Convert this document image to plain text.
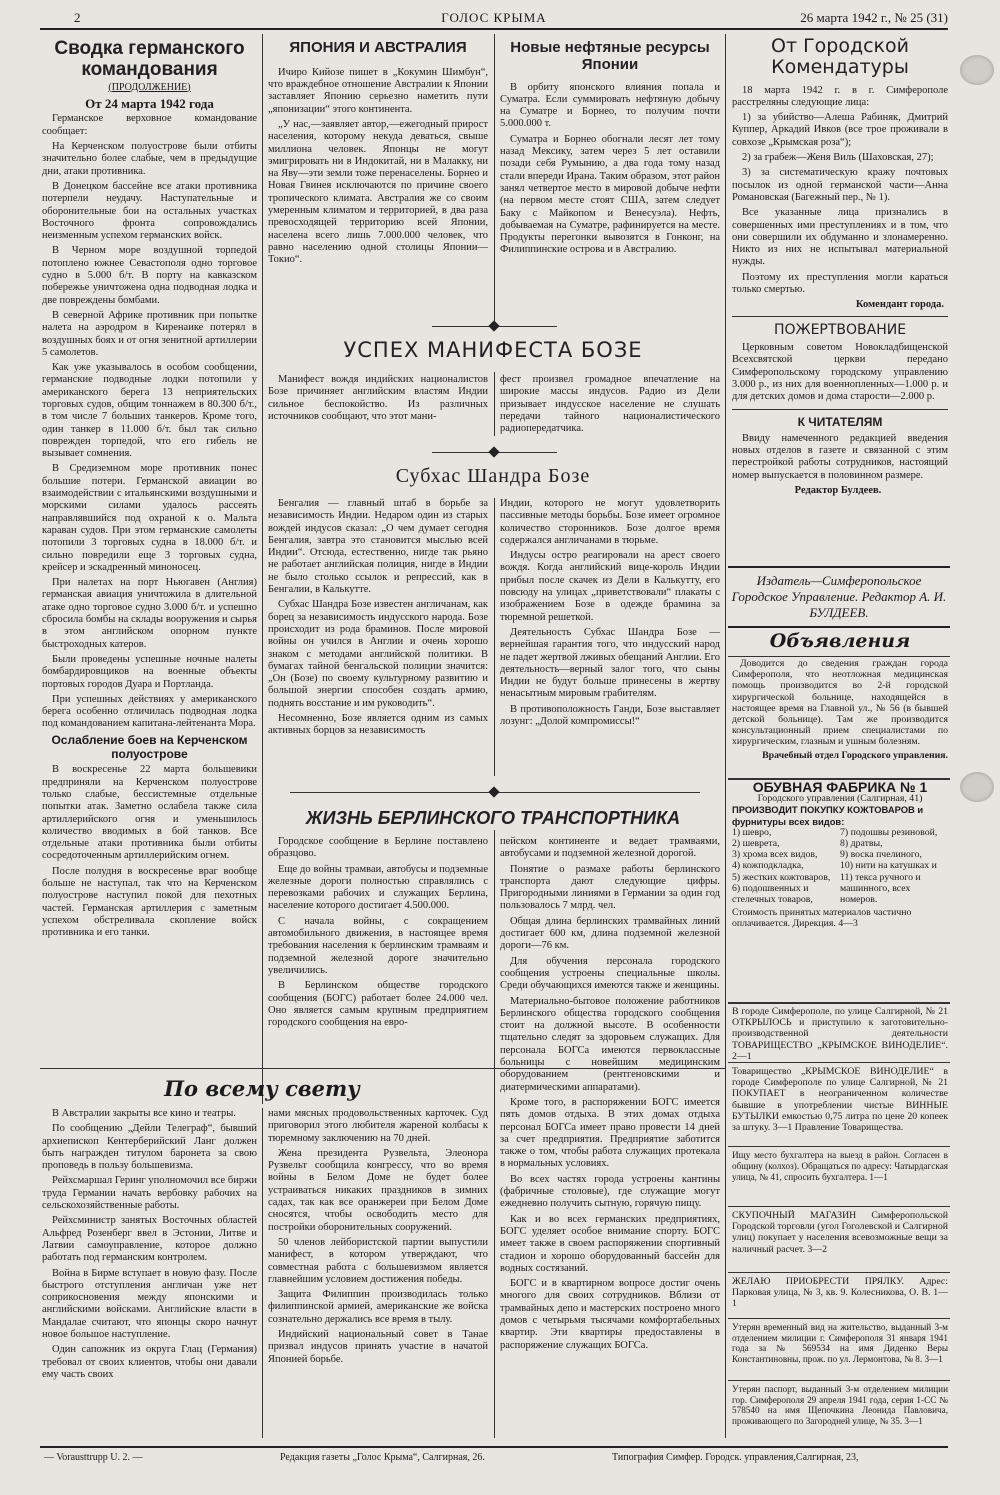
2	ГОЛОС КРЫМА	26 марта 1942 г., № 25 (31)
Сводка германского командования
(ПРОДОЛЖЕНИЕ)
От 24 марта 1942 года

Германское верховное командование сообщает:

На Керченском полуострове были отбиты значительно более слабые, чем в предыдущие дни, атаки противника.

В Донецком бассейне все атаки противника потерпели неудачу. Наступательные и оборонительные бои на остальных участках Восточного фронта сопровождались неизменным успехом германских войск.

В Черном море воздушной торпедой потоплено южнее Севастополя одно торговое судно в 5.000 б/т. В порту на кавказском побережье уничтожена одна подводная лодка и две повреждены бомбами.

В северной Африке противник при попытке налета на аэродром в Киренаике потерял в воздушных боях и от огня зенитной артиллерии 5 самолетов.

Как уже указывалось в особом сообщении, германские подводные лодки потопили у американского берега 13 неприятельских торговых судов, общим тоннажем в 80.300 б/т., в том числе 7 больших танкеров. Кроме того, один танкер в 11.000 б/т. был так сильно поврежден торпедой, что его гибель не вызывает сомнения.

В Средиземном море противник понес большие потери. Германской авиации во взаимодействии с итальянскими воздушными и морскими силами удалось рассеять направлявшийся под охраной к о. Мальта караван судов. При этом германские самолеты потопили 3 торговых судна в 18.000 б/т. и сильно повредили еще 3 торговых судна, крейсер и эскадренный миноносец.

При налетах на порт Ньюгавен (Англия) германская авиация уничтожила в длительной атаке одно торговое судно 3.000 б/т. и успешно сбросила бомбы на склады вооружения и сырья в этом английском опорном пункте быстроходных катеров.

Были проведены успешные ночные налеты бомбардировщиков на военные объекты портовых городов Дуара и Портланда.

При успешных действиях у американского берега особенно отличилась подводная лодка под командованием капитана-лейтенанта Мора.

Ослабление боев на Керченском полуострове

В воскресенье 22 марта большевики предприняли на Керченском полуострове только слабые, бессистемные отдельные попытки атак. Заметно ослабела также сила артиллерийского огня и уменьшилось количество вводимых в бой танков. Все отдельные атаки противника были отбиты сосредоточенным артиллерийским огнем.

После полудня в воскресенье враг вообще больше не наступал, так что на Керченском полуострове наступил покой для пехотных частей. Германская артиллерия с заметным успехом обстреливала скопление войск противника и его танки.

ЯПОНИЯ И АВСТРАЛИЯ

Ичиро Кийозе пишет в „Кокумин Шимбун“, что враждебное отношение Австралии к Японии заставляет Японию серьезно наметить пути „японизации“ этого континента.

„У нас,—заявляет автор,—ежегодный прирост населения, которому некуда деваться, свыше миллиона человек. Японцы не могут эмигрировать ни в Индокитай, ни в Малакку, ни на Яву—эти земли тоже перенаселены. Борнео и Новая Гвинея исключаются по причине своего тропического климата. Австралия же со своим умеренным климатом и территорией, в два раза превосходящей территорию всей Японии, населена всего лишь 7.000.000 человек, что равно населению одной столицы Японии—Токио“.

Новые нефтяные ресурсы Японии

В орбиту японского влияния попала и Суматра. Если суммировать нефтяную добычу на Суматре и Борнео, то получим почти 5.000.000 т.

Суматра и Борнео обогнали лесят лет тому назад Мексику, затем через 5 лет оставили позади себя Румынию, а два года тому назад стали впереди Ирана. Таким образом, этот район занял четвертое место в мировой добыче нефти (на первом месте стоят США, затем следует Баку с Майкопом и Венесуэла). Нефть, добываемая на Суматре, рафинируется на месте. Продукты перегонки вывозятся в Гонконг, на Филиппинские острова и в Австралию.

УСПЕХ МАНИФЕСТА БОЗЕ

Манифест вождя индийских националистов Бозе причиняет английским властям Индии сильное беспокойство. Из различных источников сообщают, что этот мани-

фест произвел громадное впечатление на широкие массы индусов. Радио из Дели призывает индусское население не слушать передачи тайного националистического радиопередатчика.

Субхас Шандра Бозе

Бенгалия — главный штаб в борьбе за независимость Индии. Недаром один из старых вождей индусов сказал: „О чем думает сегодня Бенгалия, завтра это становится мыслью всей Индии“. Отсюда, естественно, нигде так рьяно не работает английская полиция, нигде в Индии не было столько ссылок и репрессий, как в Бенгалии, в Калькутте.

Субхас Шандра Бозе известен англичанам, как борец за независимость индусского народа. Бозе происходит из рода браминов. После мировой войны он учился в Англии и очень хорошо знаком с методами английской политики. В бумагах тайной бенгальской полиции значится: „Он (Бозе) по своему культурному развитию и большой энергии способен создать армию, поднять восстание и им руководить“.

Несомненно, Бозе является одним из самых активных борцов за независимость

Индии, которого не могут удовлетворить пассивные методы борьбы. Бозе имеет огромное количество сторонников. Бозе долгое время содержался англичанами в тюрьме.

Индусы остро реагировали на арест своего вождя. Когда английский вице-король Индии прибыл после скачек из Дели в Калькутту, его повсюду на улицах „приветствовали“ плакаты с изображением Бозе в одежде брамина за тюремной решеткой.

Деятельность Субхас Шандра Бозе — вернейшая гарантия того, что индусский народ не падет жертвой лживых обещаний Англии. Его деятельность—верный залог того, что сыны Индии не будут больше принесены в жертву ненасытным мировым грабителям.

В противоположность Ганди, Бозе выставляет лозунг: „Долой компромиссы!“

ЖИЗНЬ БЕРЛИНСКОГО ТРАНСПОРТНИКА

Городское сообщение в Берлине поставлено образцово.

Еще до войны трамваи, автобусы и подземные железные дороги полностью справлялись с перевозками рабочих и служащих Берлина, население которого достигает 4.500.000.

С начала войны, с сокращением автомобильного движения, в настоящее время требования населения к берлинским трамваям и подземной железной дороге значительно увеличились.

В Берлинском обществе городского сообщения (БОГС) работает более 24.000 чел. Оно является самым крупным предприятием городского сообщения на евро-

пейском континенте и ведает трамваями, автобусами и подземной железной дорогой.

Понятие о размахе работы берлинского транспорта дают следующие цифры. Пригородными линиями в Германии за один год пользовалось 7 млрд. чел.

Общая длина берлинских трамвайных линий достигает 600 км, длина подземной железной дороги—76 км.

Для обучения персонала городского сообщения устроены специальные школы. Среди обучающихся имеются также и женщины.

Материально-бытовое положение работников Берлинского общества городского сообщения стоит на должной высоте. В особенности тщательно следят за здоровьем служащих. Для персонала БОГСа имеются первоклассные больницы с новейшим медицинским оборудованием (рентгеновскими и диатермическими аппаратами).

Кроме того, в распоряжении БОГС имеется пять домов отдыха. В этих домах отдыха персонал БОГСа имеет право провести 14 дней за счет предприятия. Предприятие заботится также о том, чтобы работа служащих протекала в нормальных условиях.

Во всех частях города устроены кантины (фабричные столовые), где служащие могут ежедневно получить сытную, горячую пищу.

Как и во всех германских предприятиях, БОГС уделяет особое внимание спорту. БОГС имеет также в своем распоряжении спортивный стадион и хорошо оборудованный бассейн для водных состязаний.

БОГС и в квартирном вопросе достиг очень многого для своих сотрудников. Вблизи от трамвайных депо и мастерских построено много домов с четырьмя тысячами комфортабельных квартир. Эти квартиры предоставлены в распоряжение служащих БОГСа.

По всему свету

В Австралии закрыты все кино и театры.

По сообщению „Дейли Телеграф“, бывший архиепископ Кентерберийский Ланг должен быть награжден титулом баронета за свою проповедь в пользу большевизма.

Рейхсмаршал Геринг уполномочил все биржи труда Германии начать вербовку рабочих на сельскохозяйственные работы.

Рейхсминистр занятых Восточных областей Альфред Розенберг ввел в Эстонии, Литве и Латвии самоуправление, которое должно работать под германским контролем.

Война в Бирме вступает в новую фазу. После быстрого отступления англичан уже нет соприкосновения между японскими и английскими войсками. Английские власти в Мандалае считают, что японцы скоро начнут новое большое наступление.

Один сапожник из округа Глац (Германия) требовал от своих клиентов, чтобы они давали ему часть своих

нами мясных продовольственных карточек. Суд приговорил этого любителя жареной колбасы к тюремному заключению на 70 дней.

Жена президента Рузвельта, Элеонора Рузвельт сообщила конгрессу, что во время войны в Белом Доме не будет более устраиваться никаких праздников в зимних садах, так как все оранжереи при Белом Доме сносятся, чтобы освободить место для постройки оборонительных сооружений.

50 членов лейбористской партии выпустили манифест, в котором утверждают, что совместная работа с большевизмом является главнейшим условием достижения победы.

Защита Филиппин производилась только филиппинской армией, американские же войска сознательно держались все время в тылу.

Индийский национальный совет в Танае призвал индусов принять участие в начатой Японией борьбе.

От Городской Комендатуры

18 марта 1942 г. в г. Симферополе расстреляны следующие лица:

1) за убийство—Алеша Рабиняк, Дмитрий Куппер, Аркадий Ивков (все трое проживали в совхозе „Крымская роза“);

2) за грабеж—Женя Виль (Шаховская, 27);

3) за систематическую кражу почтовых посылок из одной германской части—Анна Романовская (Багежный пер., № 1).

Все указанные лица признались в совершенных ими преступлениях и в том, что они совершили их обдуманно и злонамеренно. Никто из них не испытывал материальной нужды.

Поэтому их преступления могли караться только смертью.

Комендант города.
ПОЖЕРТВОВАНИЕ

Церковным советом Новокладбищенской Всехсвятской церкви передано Симферопольскому городскому управлению 3.000 р., из них для военнопленных—1.000 р. и для детских домов и дома старости—2.000 р.

К ЧИТАТЕЛЯМ

Ввиду намеченного редакцией введения новых отделов в газете и связанной с этим перестройкой работы сотрудников, настоящий номер выпускается в половинном размере.

Редактор Булдеев.
Издатель—Симферопольское Городское Управление. Редактор А. И. БУЛДЕЕВ.
Объявления

Доводится до сведения граждан города Симферополя, что неотложная медицинская помощь производится во 2-й городской хирургической больнице, находящейся в настоящее время на Главной ул., № 56 (в бывшей детской больнице). Там же производится консультационный прием специалистами по хирургическим, глазным и ушным болезням.

Врачебный отдел Городского управления.

ОБУВНАЯ ФАБРИКА № 1
Городского управления (Салгирная, 41)
ПРОИЗВОДИТ ПОКУПКУ КОЖТОВАРОВ и фурнитуры всех видов:
1) шевро,
2) шеврета,
3) хрома всех видов,
4) кожподкладка,
5) жестких кожтоваров,
6) подошвенных и стелечных товаров,
7) подошвы резиновой,
8) дратвы,
9) воска пчелиного,
10) нити на катушках и
11) текса ручного и машинного, всех номеров.
Стоимость принятых материалов частично оплачивается. Дирекция. 4—3

В городе Симферополе, по улице Салгирной, № 21 ОТКРЫЛОСЬ и приступило к заготовительно-производственной деятельности ТОВАРИЩЕСТВО „КРЫМСКОЕ ВИНОДЕЛИЕ“. 2—1

Товарищество „КРЫМСКОЕ ВИНОДЕЛИЕ“ в городе Симферополе по улице Салгирной, № 21 ПОКУПАЕТ в неограниченном количестве бывшие в употреблении чистые ВИННЫЕ БУТЫЛКИ емкостью 0,75 литра по цене 20 копеек за штуку. 3—1 Правление Товарищества.

Ищу место бухгалтера на выезд в район. Согласен в общину (колхоз). Обращаться по адресу: Чатырдагская улица, № 41, спросить бухгалтера. 1—1

СКУПОЧНЫЙ МАГАЗИН Симферопольской Городской торговли (угол Гоголевской и Салгирной улиц) покупает у населения всевозможные вещи за наличный расчет. 3—2

ЖЕЛАЮ ПРИОБРЕСТИ ПРЯЛКУ. Адрес: Парковая улица, № 3, кв. 9. Колесникова, О. В. 1—1

Утерян временный вид на жительство, выданный 3-м отделением милиции г. Симферополя 31 января 1941 года за № 569534 на имя Диденко Веры Константиновны, прож. по ул. Лермонтова, № 8. 3—1

Утерян паспорт, выданный 3-м отделением милиции гор. Симферополя 29 апреля 1941 года, серия 1-СС № 578540 на имя Щепочкина Леонида Павловича, проживающего по Загородней улице, № 35. 3—1

— Vorausttrupp U. 2. —	Редакция газеты „Голос Крыма“, Салгирная, 26.	Типография Симфер. Городск. управления,Салгирная, 23,
